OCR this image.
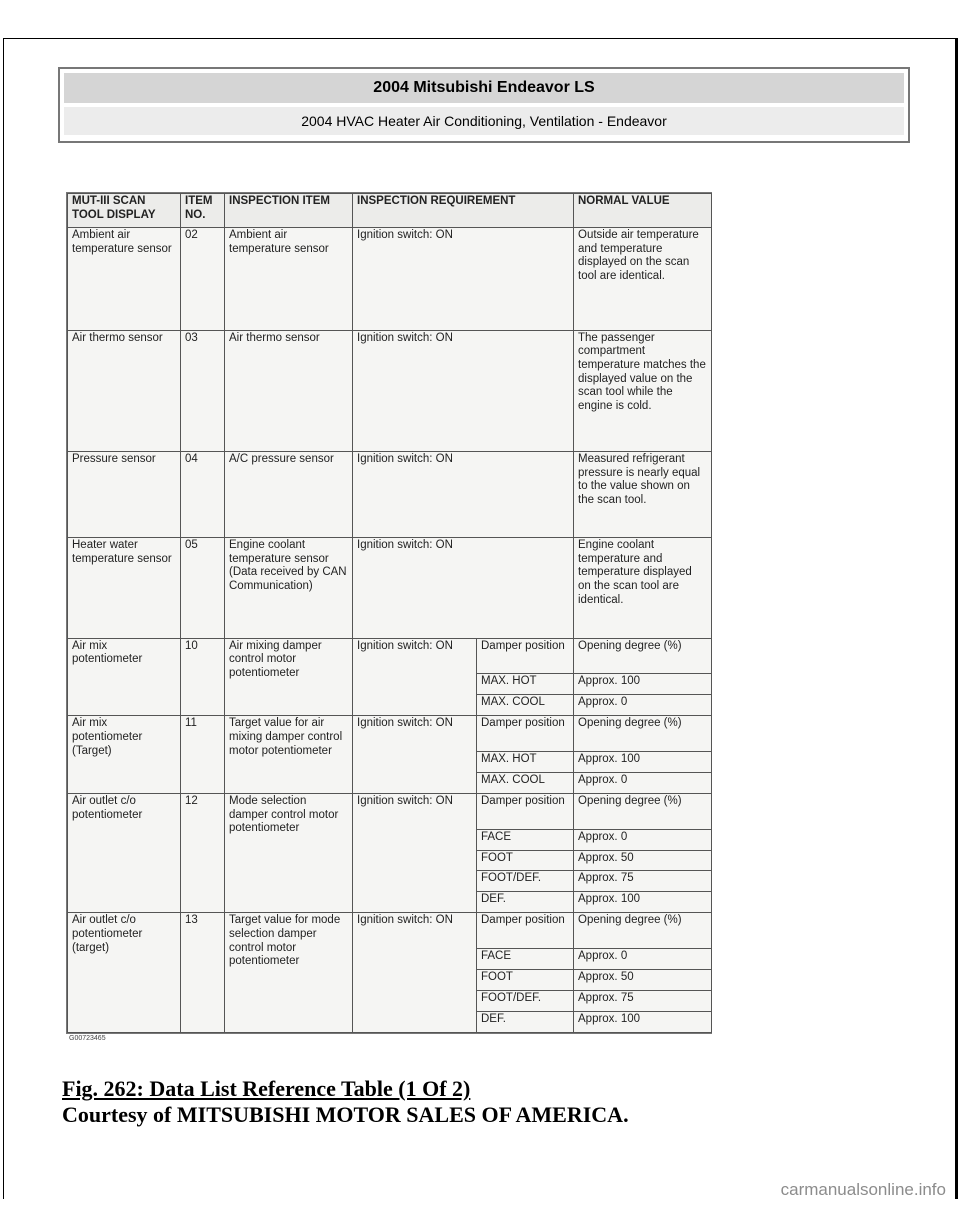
2004 Mitsubishi Endeavor LS
2004 HVAC Heater Air Conditioning, Ventilation - Endeavor
MUT-III SCAN TOOL DISPLAY	ITEM NO.	INSPECTION ITEM	INSPECTION REQUIREMENT		NORMAL VALUE
Ambient air temperature sensor	02	Ambient air temperature sensor	Ignition switch: ON		Outside air temperature and temperature displayed on the scan tool are identical.
Air thermo sensor	03	Air thermo sensor	Ignition switch: ON		The passenger compartment temperature matches the displayed value on the scan tool while the engine is cold.
Pressure sensor	04	A/C pressure sensor	Ignition switch: ON		Measured refrigerant pressure is nearly equal to the value shown on the scan tool.
Heater water temperature sensor	05	Engine coolant temperature sensor (Data received by CAN Communication)	Ignition switch: ON		Engine coolant temperature and temperature displayed on the scan tool are identical.
Air mix potentiometer	10	Air mixing damper control motor potentiometer	Ignition switch: ON	Damper position	Opening degree (%)
				MAX. HOT	Approx. 100
				MAX. COOL	Approx. 0
Air mix potentiometer (Target)	11	Target value for air mixing damper control motor potentiometer	Ignition switch: ON	Damper position	Opening degree (%)
				MAX. HOT	Approx. 100
				MAX. COOL	Approx. 0
Air outlet c/o potentiometer	12	Mode selection damper control motor potentiometer	Ignition switch: ON	Damper position	Opening degree (%)
				FACE	Approx. 0
				FOOT	Approx. 50
				FOOT/DEF.	Approx. 75
				DEF.	Approx. 100
Air outlet c/o potentiometer (target)	13	Target value for mode selection damper control motor potentiometer	Ignition switch: ON	Damper position	Opening degree (%)
				FACE	Approx. 0
				FOOT	Approx. 50
				FOOT/DEF.	Approx. 75
				DEF.	Approx. 100
G00723465
Fig. 262: Data List Reference Table (1 Of 2)
Courtesy of MITSUBISHI MOTOR SALES OF AMERICA.
carmanualsonline.info
